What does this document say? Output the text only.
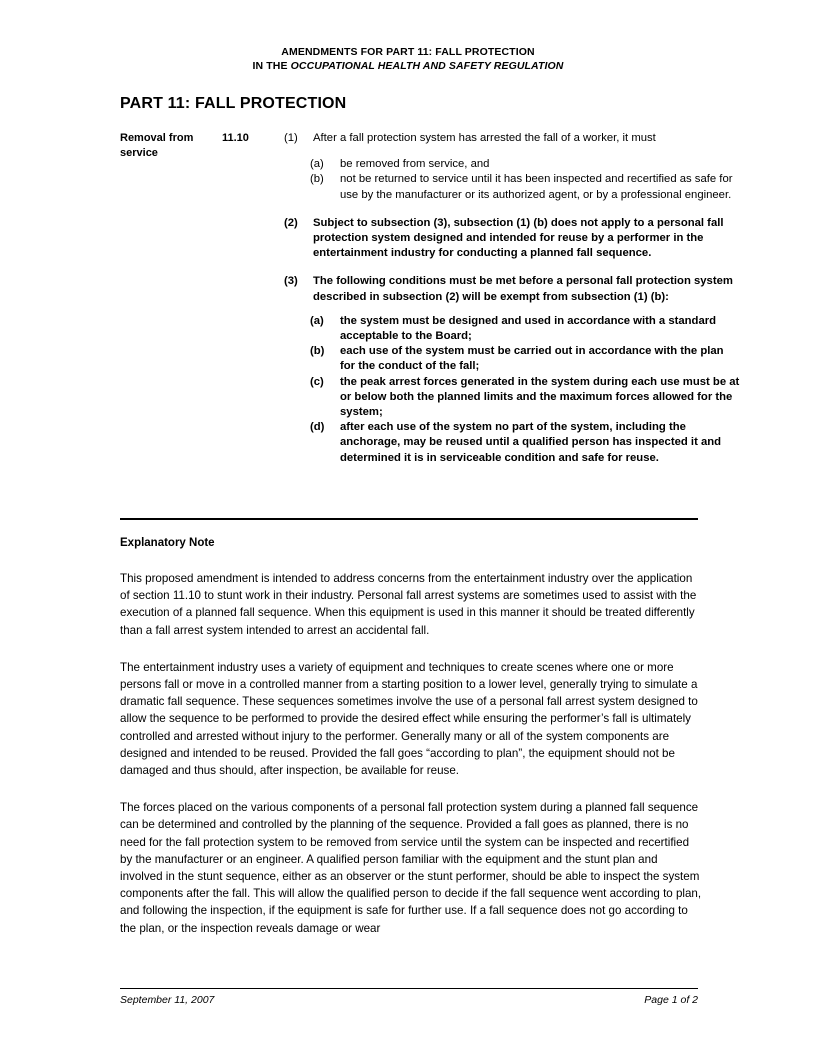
AMENDMENTS FOR PART 11: FALL PROTECTION
IN THE OCCUPATIONAL HEALTH AND SAFETY REGULATION
PART 11: FALL PROTECTION
Removal from service
11.10	(1)	After a fall protection system has arrested the fall of a worker, it must
(a)	be removed from service, and
(b)	not be returned to service until it has been inspected and recertified as safe for use by the manufacturer or its authorized agent, or by a professional engineer.
(2)	Subject to subsection (3), subsection (1) (b) does not apply to a personal fall protection system designed and intended for reuse by a performer in the entertainment industry for conducting a planned fall sequence.
(3)	The following conditions must be met before a personal fall protection system described in subsection (2) will be exempt from subsection (1) (b):
(a)	the system must be designed and used in accordance with a standard acceptable to the Board;
(b)	each use of the system must be carried out in accordance with the plan for the conduct of the fall;
(c)	the peak arrest forces generated in the system during each use must be at or below both the planned limits and the maximum forces allowed for the system;
(d)	after each use of the system no part of the system, including the anchorage, may be reused until a qualified person has inspected it and determined it is in serviceable condition and safe for reuse.
Explanatory Note

This proposed amendment is intended to address concerns from the entertainment industry over the application of section 11.10 to stunt work in their industry. Personal fall arrest systems are sometimes used to assist with the execution of a planned fall sequence. When this equipment is used in this manner it should be treated differently than a fall arrest system intended to arrest an accidental fall.

The entertainment industry uses a variety of equipment and techniques to create scenes where one or more persons fall or move in a controlled manner from a starting position to a lower level, generally trying to simulate a dramatic fall sequence. These sequences sometimes involve the use of a personal fall arrest system designed to allow the sequence to be performed to provide the desired effect while ensuring the performer’s fall is ultimately controlled and arrested without injury to the performer. Generally many or all of the system components are designed and intended to be reused. Provided the fall goes “according to plan”, the equipment should not be damaged and thus should, after inspection, be available for reuse.

The forces placed on the various components of a personal fall protection system during a planned fall sequence can be determined and controlled by the planning of the sequence. Provided a fall goes as planned, there is no need for the fall protection system to be removed from service until the system can be inspected and recertified by the manufacturer or an engineer. A qualified person familiar with the equipment and the stunt plan and involved in the stunt sequence, either as an observer or the stunt performer, should be able to inspect the system components after the fall. This will allow the qualified person to decide if the fall sequence went according to plan, and following the inspection, if the equipment is safe for further use. If a fall sequence does not go according to the plan, or the inspection reveals damage or wear

September 11, 2007	Page 1 of 2
